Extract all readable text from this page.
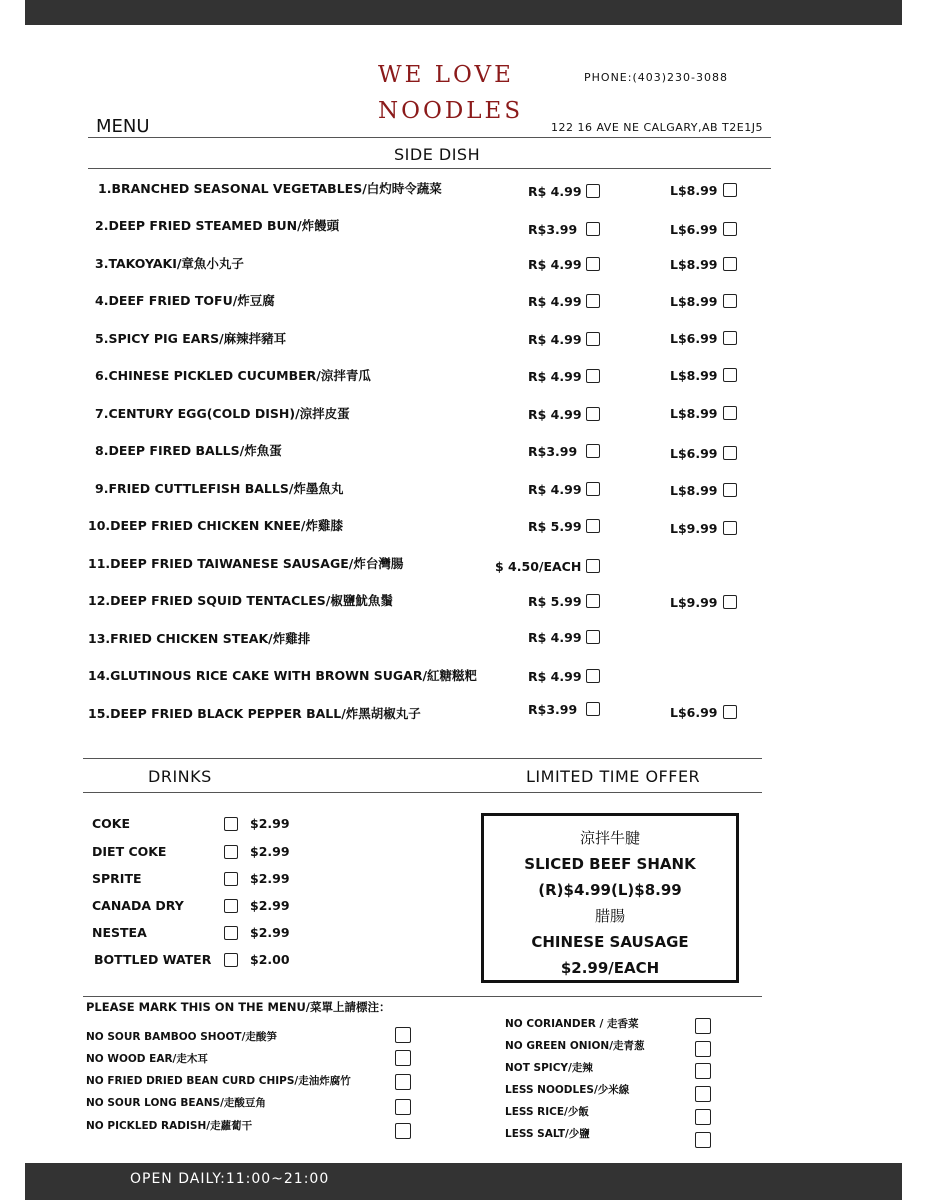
WE LOVE
NOODLES
PHONE:(403)230-3088
122 16 AVE NE CALGARY,AB T2E1J5
MENU
SIDE DISH
1.BRANCHED SEASONAL VEGETABLES/白灼時令蔬菜	R$ 4.99	L$8.99
2.DEEP FRIED STEAMED BUN/炸饅頭	R$3.99	L$6.99
3.TAKOYAKI/章魚小丸子	R$ 4.99	L$8.99
4.DEEF FRIED TOFU/炸豆腐	R$ 4.99	L$8.99
5.SPICY PIG EARS/麻辣拌豬耳	R$ 4.99	L$6.99
6.CHINESE PICKLED CUCUMBER/涼拌青瓜	R$ 4.99	L$8.99
7.CENTURY EGG(COLD DISH)/涼拌皮蛋	R$ 4.99	L$8.99
8.DEEP FIRED BALLS/炸魚蛋	R$3.99	L$6.99
9.FRIED CUTTLEFISH BALLS/炸墨魚丸	R$ 4.99	L$8.99
10.DEEP FRIED CHICKEN KNEE/炸雞膝	R$ 5.99	L$9.99
11.DEEP FRIED TAIWANESE SAUSAGE/炸台灣腸	$ 4.50/EACH
12.DEEP FRIED SQUID TENTACLES/椒鹽魷魚鬚	R$ 5.99	L$9.99
13.FRIED CHICKEN STEAK/炸雞排	R$ 4.99
14.GLUTINOUS RICE CAKE WITH BROWN SUGAR/紅糖糍粑	R$ 4.99
15.DEEP FRIED BLACK PEPPER BALL/炸黑胡椒丸子	R$3.99	L$6.99
DRINKS	LIMITED TIME OFFER
COKE	$2.99
DIET COKE	$2.99
SPRITE	$2.99
CANADA DRY	$2.99
NESTEA	$2.99
BOTTLED WATER	$2.00
涼拌牛腱
SLICED BEEF SHANK
(R)$4.99(L)$8.99
腊腸
CHINESE SAUSAGE
$2.99/EACH
PLEASE MARK THIS ON THE MENU/菜單上請標注：
NO SOUR BAMBOO SHOOT/走酸笋
NO WOOD EAR/走木耳
NO FRIED DRIED BEAN CURD CHIPS/走油炸腐竹
NO SOUR LONG BEANS/走酸豆角
NO PICKLED RADISH/走蘿蔔干
NO CORIANDER / 走香菜
NO GREEN ONION/走青葱
NOT SPICY/走辣
LESS NOODLES/少米線
LESS RICE/少飯
LESS SALT/少鹽
OPEN DAILY:11:00~21:00
